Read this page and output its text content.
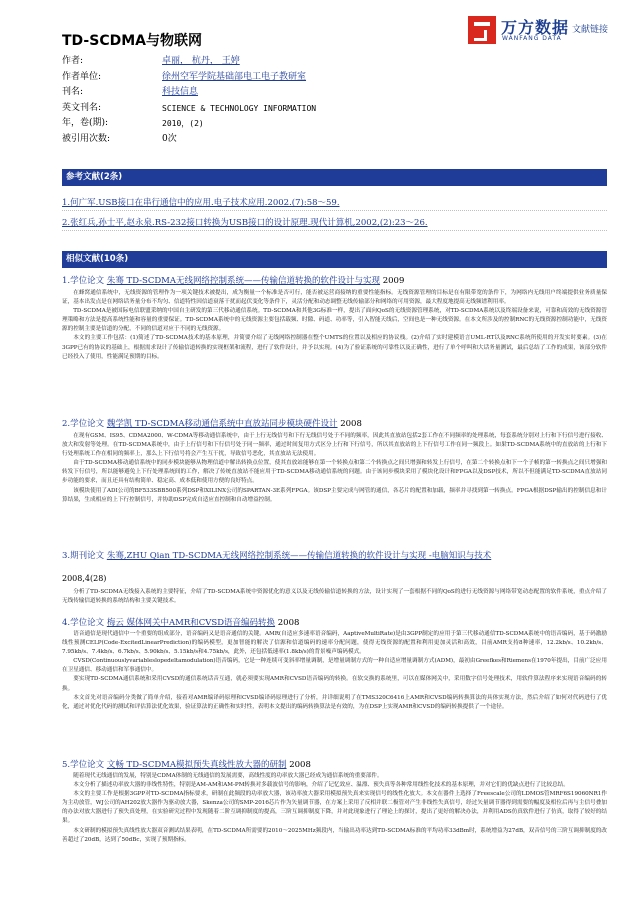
TD-SCDMA与物联网
万方数据
WANFANG DATA
文献链接
作者:	卓丽， 杭丹， 王婷
作者单位:	徐州空军学院基础部电工电子教研室
刊名:	科技信息
英文刊名:	SCIENCE & TECHNOLOGY INFORMATION
年，卷(期):	2010，(2)
被引用次数:	0次
参考文献(2条)
1.何广军.USB接口在串行通信中的应用.电子技术应用.2002.(7):58～59.
2.张红兵,孙士平,赵永泉.RS-232接口转换为USB接口的设计原理.现代计算机,2002,(2):23～26.
相似文献(10条)
1.学位论文 朱骞 TD-SCDMA无线网络控制系统——传输信道转换的软件设计与实现 2009

在蜂窝通信系统中，无线资源的管理作为一项关键技术被提出，成为衡量一个标准是否可行，能否被运营商接纳的重要性能指标。无线资源管理的目标是在有限带宽的条件下，为网络内无线用户终端提供业务质量保证，基本出发点是在网络话务量分布不均匀、信道特性因信道衰落干扰而起伏变化等条件下，灵活分配和动态调整无线传输部分和网络的可用资源，最大程度地提高无线频谱利用率。

TD-SCDMA是被国际电信联盟采纳的中国自主研发的第三代移动通信系统。TD-SCDMA和其他3G标准一样，提出了面向QoS的无线资源管理系统，对TD-SCDMA系统以及终端设备来说，可靠和高效的无线资源管理策略和方法是提高系统性能和容量的重要保证。TD-SCDMA系统中的无线资源主要包括载频、时隙、码道、功率等，引入智能天线后，空间也是一种无线资源。在本文所涉及的控制RNC的无线资源控制功能中，无线资源的控制主要是信道的分配，不同的信道对应于不同的无线资源。

本文的主要工作包括：(1)简述了TD-SCDMA技术的基本原理，并简要介绍了无线网络控制器在整个UMTS的位置以及相应的协议栈。(2)介绍了实时建模语言UML-RT以及RNC系统所使用的开发实时要素。(3)在3GPP已有的协议的基础上，根据需求设计了传输信道转换的实现框架和流程，进行了软件设计，并予以实现。(4)为了验证系统的可靠性以及正确性，进行了单个呼叫和大话务量测试，最后总结了工作的成果，该部分软件已经投入了使用，性能满足预期的目标。

2.学位论文 魏学凯 TD-SCDMA移动通信系统中直放站同步模块硬件设计 2008

在现有GSM、IS95、CDMA2000、W-CDMA等移动通信系统中，由于上行无线信号和下行无线信号处于不同的频率，因此其直放站包括2套工作在不同频率的处理系统，每套系统分别对上行和下行信号进行接收、放大和发射等处理。在TD-SCDMA系统中，由于上行信号和下行信号处于同一频率，通过时间复用方式区分上行和下行信号，所以其直放站的上下行信号工作在同一频段上。如果TD-SCDMA系统中的直放站的上行和下行处理系统工作在相同的频率上，那么上下行信号将会产生互干扰，导致信号恶化，其直放站无法使用。

由于TD-SCDMA移动通信系统中的同步模块能够从物理信道中解出转换点位置，使其直放站能够在第一个转换点和第二个转换点之间只增强和转发上行信号，在第二个转换点和下一个子帧的第一转换点之间只增强和转发下行信号，所以能够避免上下行处理系统间的工作，解决了传统直放站不能应用于TD-SCDMA移动通信系统的问题。由于该同步模块采用了模块化设计和FPGA以及DSP技术，所以不但能满足TD-SCDMA直放站同步功能的要求，而且还具有结构简单、稳定高、成本低和使用方便的良好特点。

该模块使用了ADI公司的BF533SBB500系列DSP和XILINX公司的SPARTAN-3E系列FPGA。该DSP主要完成与网管的通信，各芯片的配置和加载，频率并寻找到第一转换点。FPGA根据DSP输出的控制信息和计算结果，生成相应的上下行控制信号，并协助DSP完成自适应直控制和自动增益控制。

3.期刊论文 朱骞,ZHU Qian TD-SCDMA无线网络控制系统——传输信道转换的软件设计与实现 -电脑知识与技术
2008,4(28)

分析了TD-SCDMA无线接入系统的主要特征，介绍了TD-SCDMA系统中资源优化的意义以及无线传输信道转换的方法，设计实现了一套根据不同的QoS的进行无线资源与网络带宽动态配置的软件系统，重点介绍了无线传输信道转换的系统结构和主要关键技术。

4.学位论文 梅云 媒体网关中AMR和CVSD语音编码转换 2008

语音通信是现代通信中一个重要的组成部分，语音编码又是语音通信的关键。AMR(自适应多速率语音编码，AaptiveMultiRate)是由3GPP制定的应用于第三代移动通信TD-SCDMA系统中的语音编码，基于码激励线性预测CELP(Code-ExcitedLinearPrediction)的编码模型，更加智能的解决了信源和信道编码的速率分配问题，使得无线资源的配置和利用更加灵活和高效，目前AMR支持8种速率，12.2kb/s、10.2kb/s、7.95kb/s、7.4kb/s、6.7kb/s、5.90kb/s、5.15kb/s和4.75kb/s，此外，还包括低速率(1.8kb/s)的背景噪声编码模式。

CVSD(Continuouslyvariableslopedeltamodulation)语音编码，它是一种连续可变斜率增量调制，是增量调制方式的一种自适应增量调制方式(ADM)，最初由Greefkes和Riemens在1970年提出，目前广泛应用在卫星通信、移动通信和军事通信中。

要实现TD-SCDMA通信系统和采用CVSD的通信系统话音互通，就必须要实现AMR和CVSD语音编码的转换。在软交换的系统里，可以在媒体网关中，采用数字信号处理技术，用软件算法程序来实现语音编码的转换。

本文首先对语音编码分类做了简单介绍，接着对AMR编译码原理和CVSD编译码原理进行了分析，并详细说明了在TMS320C6416上AMR和CVSD编码转换算法的具体实现方法，然后介绍了如何对代码进行了优化，通过对优化代码的测试和评估算法优化效果，验证算法的正确性和实时性，表明本文提出的编码转换算法是有效的，为在DSP上实现AMR和CVSD的编码转换提供了一个途径。

5.学位论文 文畅 TD-SCDMA模拟预失真线性放大器的研制 2008

随着现代无线通信的发展，特别是CDMA体制的无线通信的发展需要，高线性度的功率放大器已经成为通信系统的重要部件。

本文分析了描述功率放大器的非线性特性，特别是AM-AM和AM-PM转换对多载波信号的影响，介绍了记忆效应、温漂、预失真等各种常用线性化技术的基本原理，并对它们的优缺点进行了比较总结。

本文的主要工作是根据3GPP对TD-SCDMA指标要求，研制在此频段的功率放大器，该功率放大器采用模拟预失真来实现信号的线性化放大。本文在器件上选择了Freescale公司的LDMOS管MRF6S19060NR1作为主功放管，WJ公司的AH202放大器作为驱动放大器，Skenza公司的SMP-2016芯片作为矢量调节器，在方案上采用了反相并联二极管对产生非线性失真信号，经过矢量调节器得到需要的幅度及相位后再与主信号叠加的办法对放大器进行了预失真处理，在实验研究过程中发现随着二阶互调抑制度的提高，三阶互调抑制度下降，并对此现象进行了理论上的探讨，提出了更好的解决办法，并利用ADS仿真软件进行了仿真，取得了较好的结果。

本文研制的模拟预失真线性放大器双音测试结果表明，在TD-SCDMA所需要的2010～2025MHz频段内，当输出功率达到TD-SCDMA标准的平均功率33dBm时，系统增益为27dB，双音信号的三阶互调抑制度的改善超过了20dB，达到了50dBc，实现了预期指标。
